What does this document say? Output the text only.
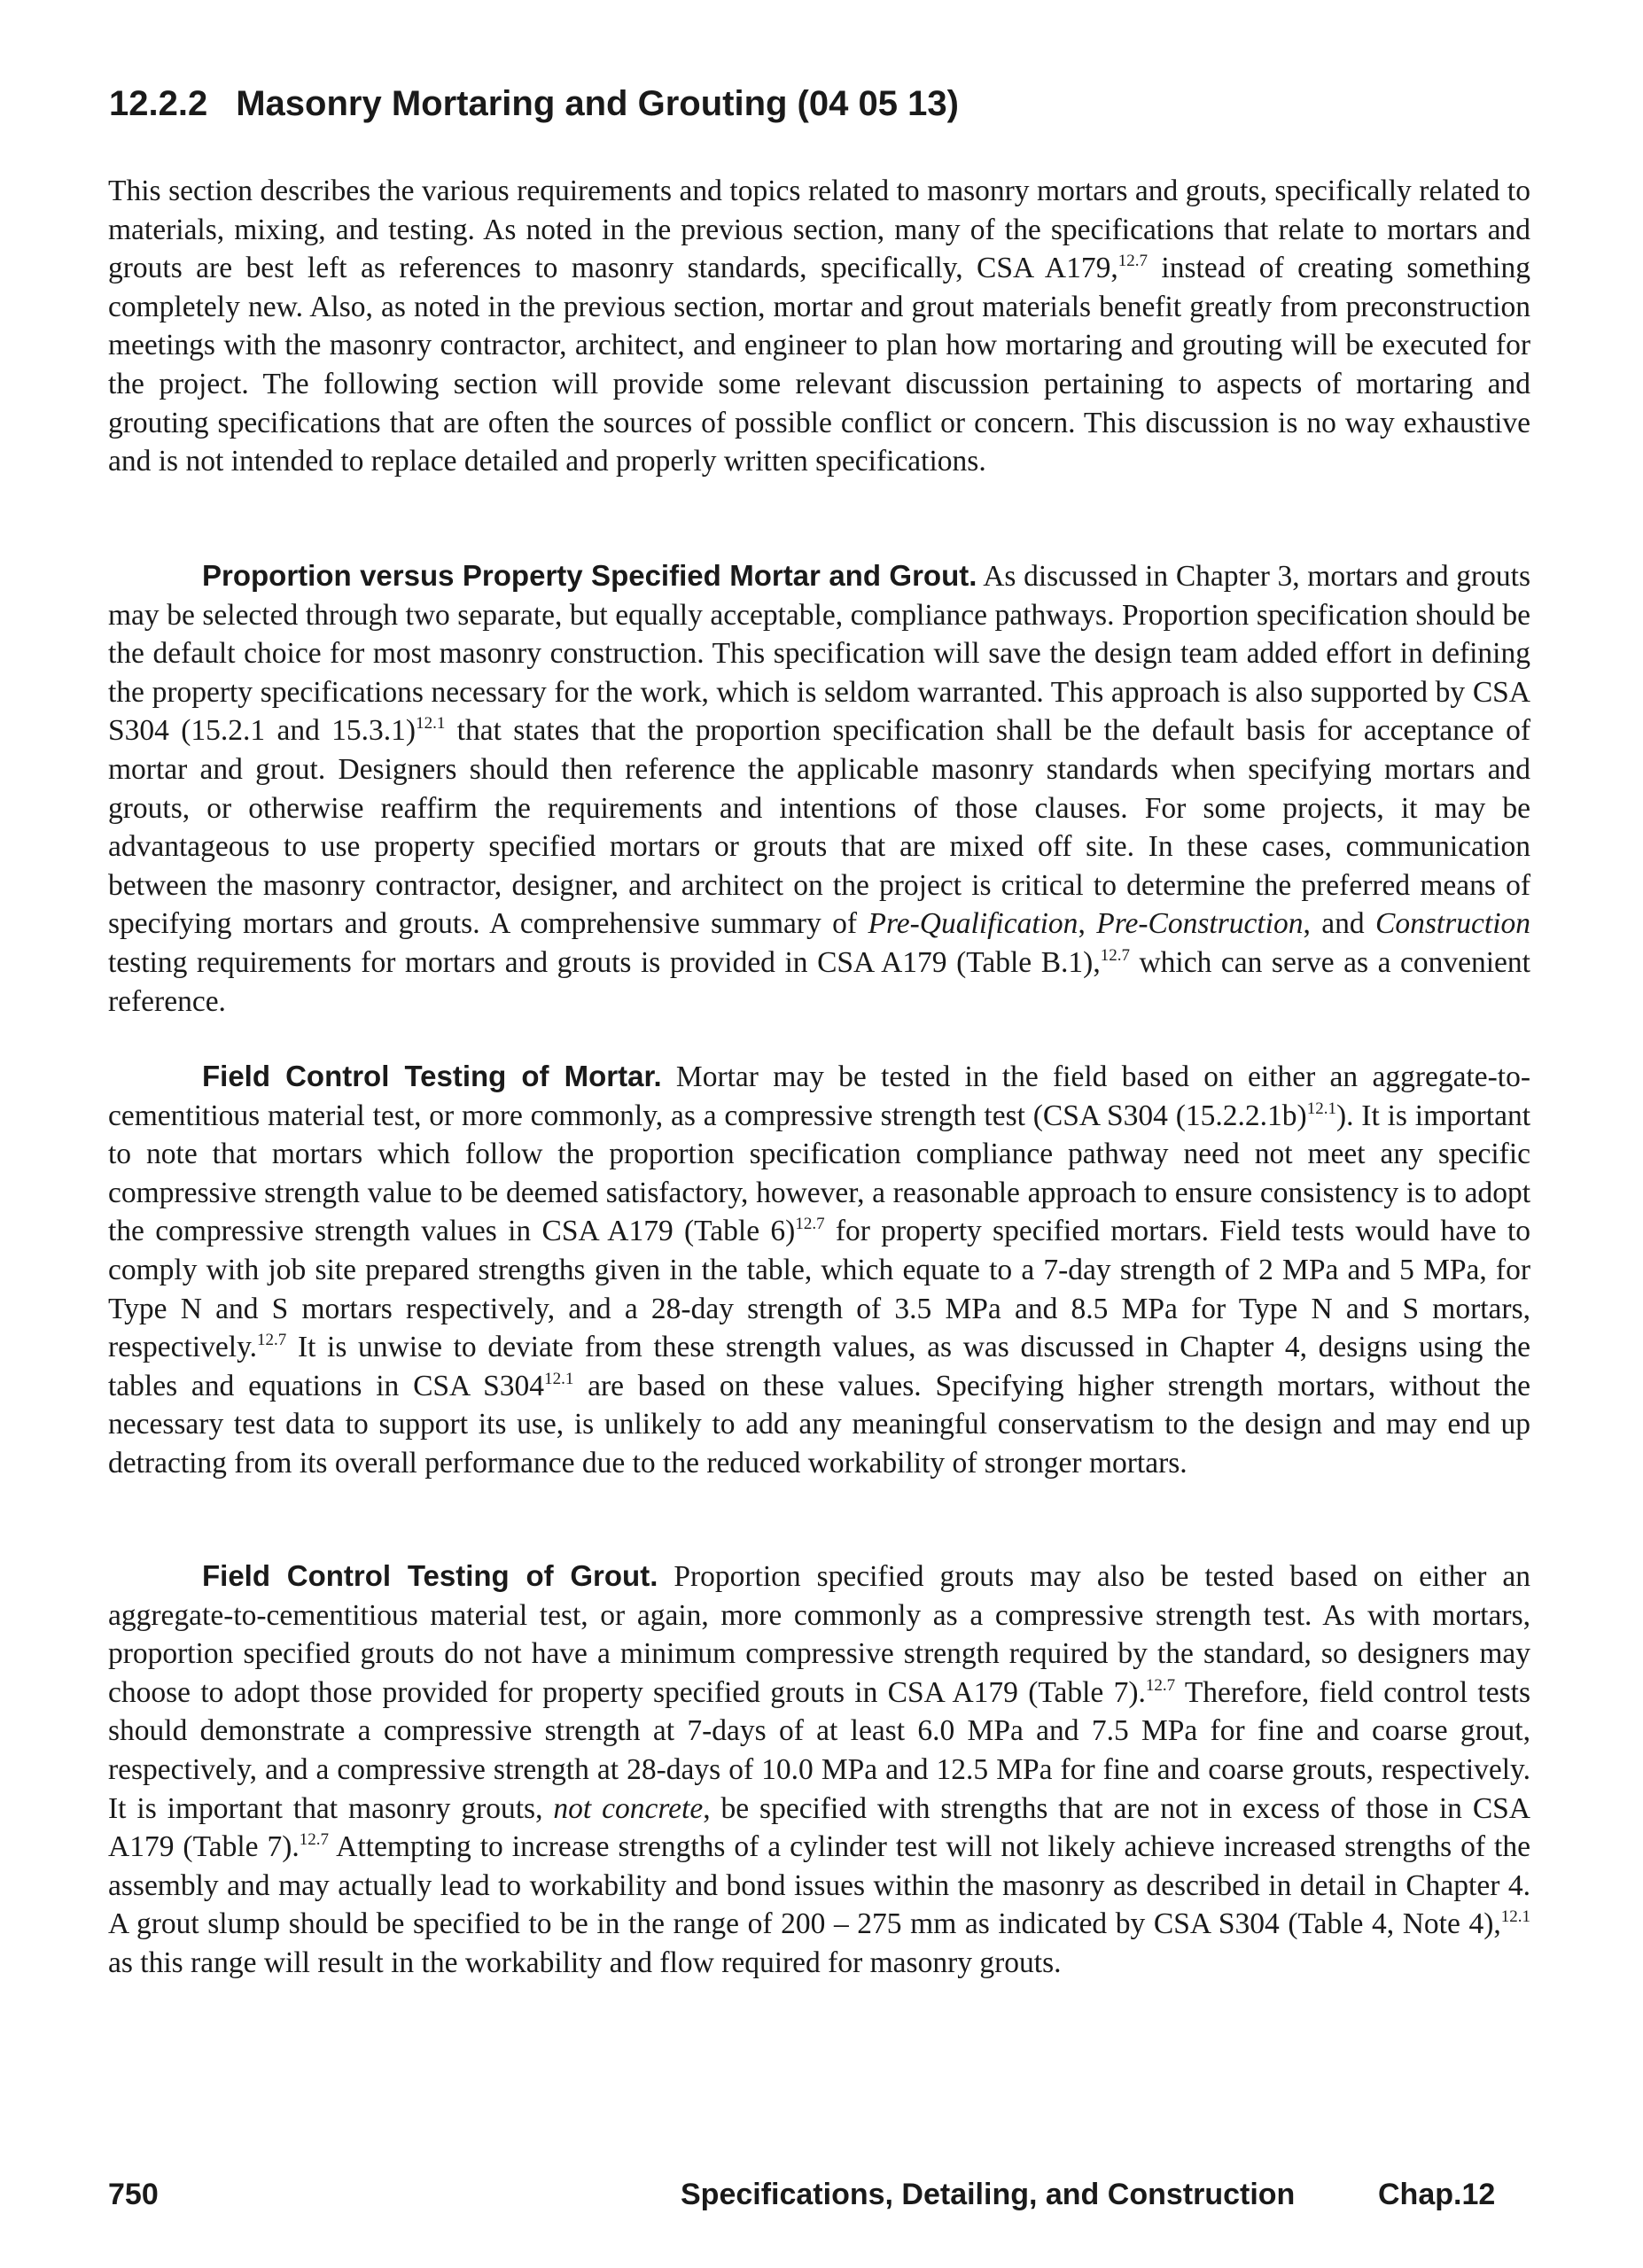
12.2.2 Masonry Mortaring and Grouting (04 05 13)

This section describes the various requirements and topics related to masonry mortars and grouts, specifically related to materials, mixing, and testing. As noted in the previous section, many of the specifications that relate to mortars and grouts are best left as references to masonry standards, specifically, CSA A179,$^{12.7}$ instead of creating something completely new. Also, as noted in the previous section, mortar and grout materials benefit greatly from preconstruction meetings with the masonry contractor, architect, and engineer to plan how mortaring and grouting will be executed for the project. The following section will provide some relevant discussion pertaining to aspects of mortaring and grouting specifications that are often the sources of possible conflict or concern. This discussion is no way exhaustive and is not intended to replace detailed and properly written specifications.

Proportion versus Property Specified Mortar and Grout. As discussed in Chapter 3, mortars and grouts may be selected through two separate, but equally acceptable, compliance pathways. Proportion specification should be the default choice for most masonry construction. This specification will save the design team added effort in defining the property specifications necessary for the work, which is seldom warranted. This approach is also supported by CSA S304 (15.2.1 and 15.3.1)$^{12.1}$ that states that the proportion specification shall be the default basis for acceptance of mortar and grout. Designers should then reference the applicable masonry standards when specifying mortars and grouts, or otherwise reaffirm the requirements and intentions of those clauses. For some projects, it may be advantageous to use property specified mortars or grouts that are mixed off site. In these cases, communication between the masonry contractor, designer, and architect on the project is critical to determine the preferred means of specifying mortars and grouts. A comprehensive summary of Pre-Qualification, Pre-Construction, and Construction testing requirements for mortars and grouts is provided in CSA A179 (Table B.1),$^{12.7}$ which can serve as a convenient reference.

Field Control Testing of Mortar. Mortar may be tested in the field based on either an aggregate-to-cementitious material test, or more commonly, as a compressive strength test (CSA S304 $(15.2.2.1b)^{12.1}$). It is important to note that mortars which follow the proportion specification compliance pathway need not meet any specific compressive strength value to be deemed satisfactory, however, a reasonable approach to ensure consistency is to adopt the compressive strength values in CSA A179 (Table 6)$^{12.7}$ for property specified mortars. Field tests would have to comply with job site prepared strengths given in the table, which equate to a 7-day strength of 2 MPa and 5 MPa, for Type N and S mortars respectively, and a 28-day strength of 3.5 MPa and 8.5 MPa for Type N and S mortars, respectively.$^{12.7}$ It is unwise to deviate from these strength values, as was discussed in Chapter 4, designs using the tables and equations in CSA $S304^{12.1}$ are based on these values. Specifying higher strength mortars, without the necessary test data to support its use, is unlikely to add any meaningful conservatism to the design and may end up detracting from its overall performance due to the reduced workability of stronger mortars.

Field Control Testing of Grout. Proportion specified grouts may also be tested based on either an aggregate-to-cementitious material test, or again, more commonly as a compressive strength test. As with mortars, proportion specified grouts do not have a minimum compressive strength required by the standard, so designers may choose to adopt those provided for property specified grouts in CSA A179 (Table 7).$^{12.7}$ Therefore, field control tests should demonstrate a compressive strength at 7-days of at least 6.0 MPa and 7.5 MPa for fine and coarse grout, respectively, and a compressive strength at 28-days of 10.0 MPa and 12.5 MPa for fine and coarse grouts, respectively. It is important that masonry grouts, not concrete, be specified with strengths that are not in excess of those in CSA A179 (Table 7).$^{12.7}$ Attempting to increase strengths of a cylinder test will not likely achieve increased strengths of the assembly and may actually lead to workability and bond issues within the masonry as described in detail in Chapter 4. A grout slump should be specified to be in the range of 200 – 275 mm as indicated by CSA S304 (Table 4, Note 4),$^{12.1}$ as this range will result in the workability and flow required for masonry grouts.

750	Specifications, Detailing, and Construction	Chap.12
